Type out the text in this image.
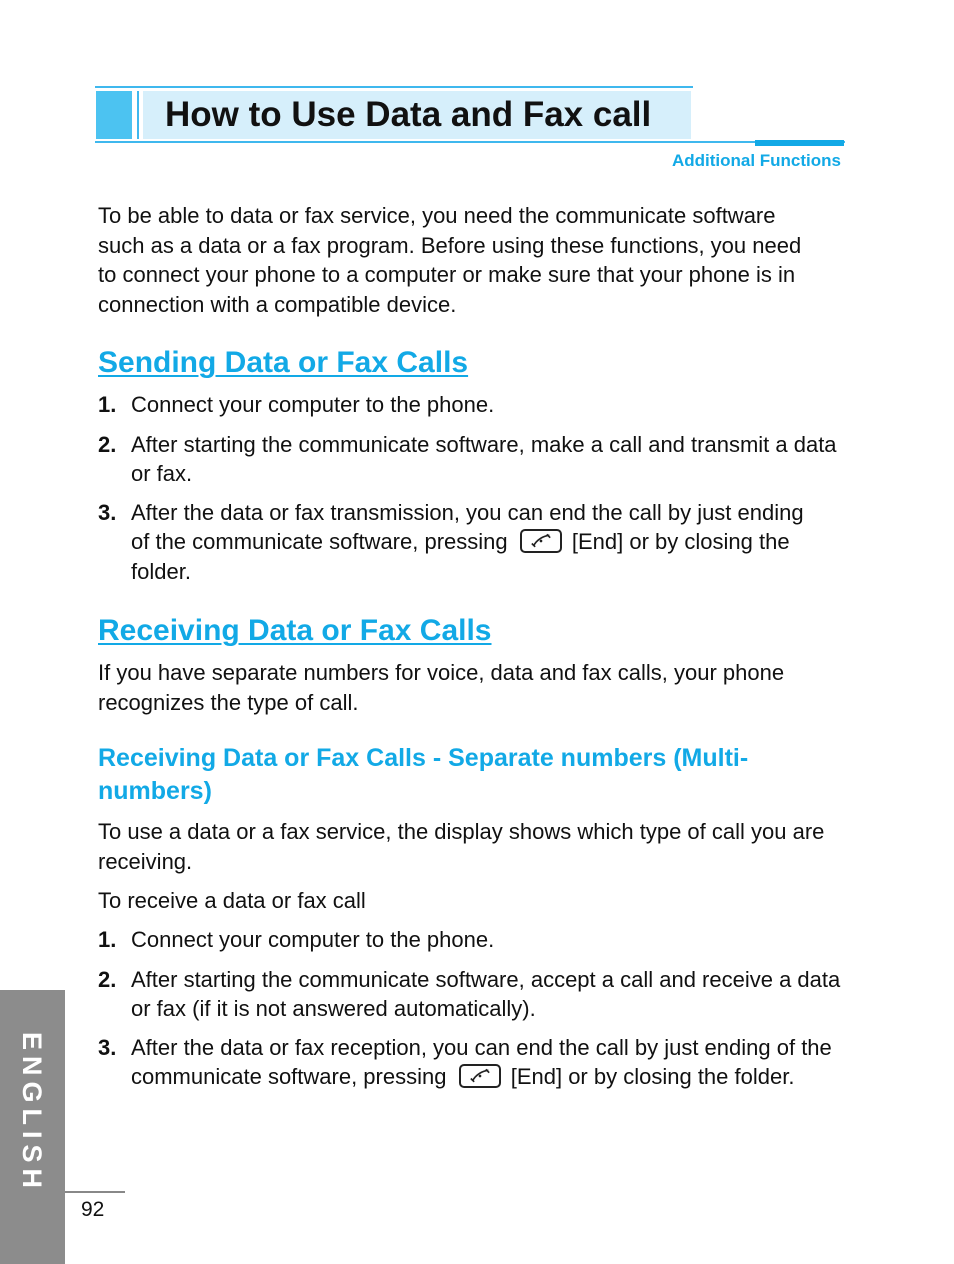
How to Use Data and Fax call
Additional Functions

To be able to data or fax service, you need the communicate software such as a data or a fax program. Before using these functions, you need to connect your phone to a computer or make sure that your phone is in connection with a compatible device.

Sending Data or Fax Calls
1. Connect your computer to the phone.
2. After starting the communicate software, make a call and transmit a data or fax.
3. After the data or fax transmission, you can end the call by just ending of the communicate software, pressing	[End] or by closing the folder.
Receiving Data or Fax Calls

If you have separate numbers for voice, data and fax calls, your phone recognizes the type of call.

Receiving Data or Fax Calls - Separate numbers (Multi-numbers)

To use a data or a fax service, the display shows which type of call you are receiving.

To receive a data or fax call

1. Connect your computer to the phone.
2. After starting the communicate software, accept a call and receive a data or fax (if it is not answered automatically).
3. After the data or fax reception, you can end the call by just ending of the communicate software, pressing	[End] or by closing the folder.
ENGLISH
92
